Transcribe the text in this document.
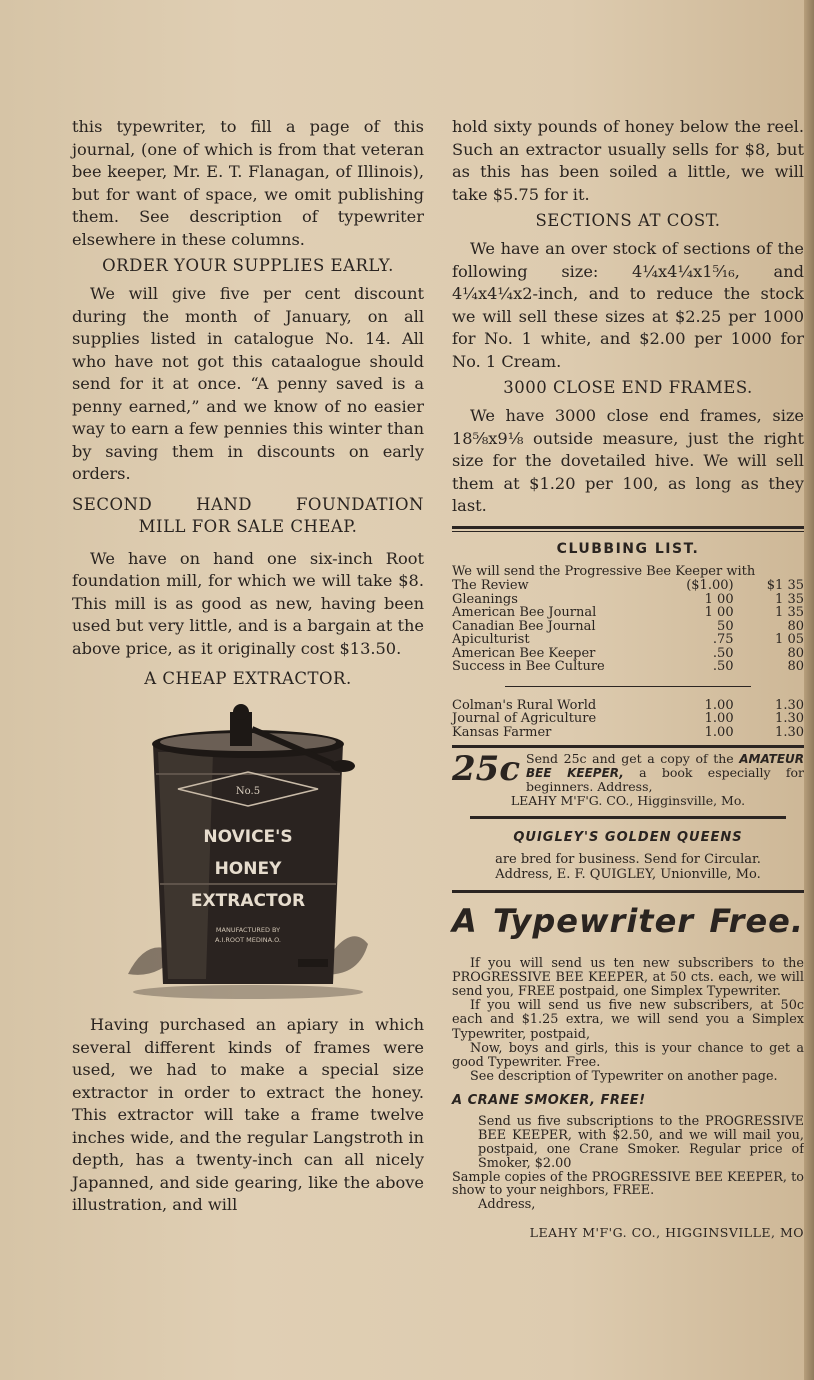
this typewriter, to fill a page of this journal, (one of which is from that veteran bee keeper, Mr. E. T. Flanagan, of Illinois), but for want of space, we omit publishing them. See description of typewriter elsewhere in these columns.

ORDER YOUR SUPPLIES EARLY.

We will give five per cent discount during the month of January, on all supplies listed in catalogue No. 14. All who have not got this cataalogue should send for it at once. “A penny saved is a penny earned,” and we know of no easier way to earn a few pennies this winter than by saving them in discounts on early orders.

SECOND HAND FOUNDATION
MILL FOR SALE CHEAP.

We have on hand one six-inch Root foundation mill, for which we will take $8. This mill is as good as new, having been used but very little, and is a bargain at the above price, as it originally cost $13.50.

A CHEAP EXTRACTOR.
No.5
NOVICE'S
HONEY
EXTRACTOR
MANUFACTURED BY
A.I.ROOT MEDINA.O.

Having purchased an apiary in which several different kinds of frames were used, we had to make a special size extractor in order to extract the honey. This extractor will take a frame twelve inches wide, and the regular Langstroth in depth, has a twenty-inch can all nicely Japanned, and side gearing, like the above illustration, and will

hold sixty pounds of honey below the reel. Such an extractor usually sells for $8, but as this has been soiled a little, we will take $5.75 for it.

SECTIONS AT COST.

We have an over stock of sections of the following size: 4¼x4¼x1⁵⁄₁₆, and 4¼x4¼x2-inch, and to reduce the stock we will sell these sizes at $2.25 per 1000 for No. 1 white, and $2.00 per 1000 for No. 1 Cream.

3000 CLOSE END FRAMES.

We have 3000 close end frames, size 18⅝x9⅛ outside measure, just the right size for the dovetailed hive. We will sell them at $1.20 per 100, as long as they last.

CLUBBING LIST.
We will send the Progressive Bee Keeper with
The Review	($1.00)	$1 35
Gleanings	1 00	1 35
American Bee Journal	1 00	1 35
Canadian Bee Journal	50	80
Apiculturist	.75	1 05
American Bee Keeper	.50	80
Success in Bee Culture	.50	80
Colman's Rural World	1.00	1.30
Journal of Agriculture	1.00	1.30
Kansas Farmer	1.00	1.30
25c Send 25c and get a copy of the AMATEUR BEE KEEPER, a book especially for beginners. Address,
LEAHY M'F'G. CO., Higginsville, Mo.
QUIGLEY'S GOLDEN QUEENS
are bred for business. Send for Circular.
Address, E. F. QUIGLEY, Unionville, Mo.
A Typewriter Free.

If you will send us ten new subscribers to the PROGRESSIVE BEE KEEPER, at 50 cts. each, we will send you, FREE postpaid, one Simplex Typewriter.

If you will send us five new subscribers, at 50c each and $1.25 extra, we will send you a Simplex Typewriter, postpaid,

Now, boys and girls, this is your chance to get a good Typewriter. Free.

See description of Typewriter on another page.

A CRANE SMOKER, FREE!
Send us five subscriptions to the PROGRESSIVE BEE KEEPER, with $2.50, and we will mail you, postpaid, one Crane Smoker. Regular price of Smoker, $2.00
Sample copies of the PROGRESSIVE BEE KEEPER, to show to your neighbors, FREE.
Address,
LEAHY M'F'G. CO., HIGGINSVILLE, MO
